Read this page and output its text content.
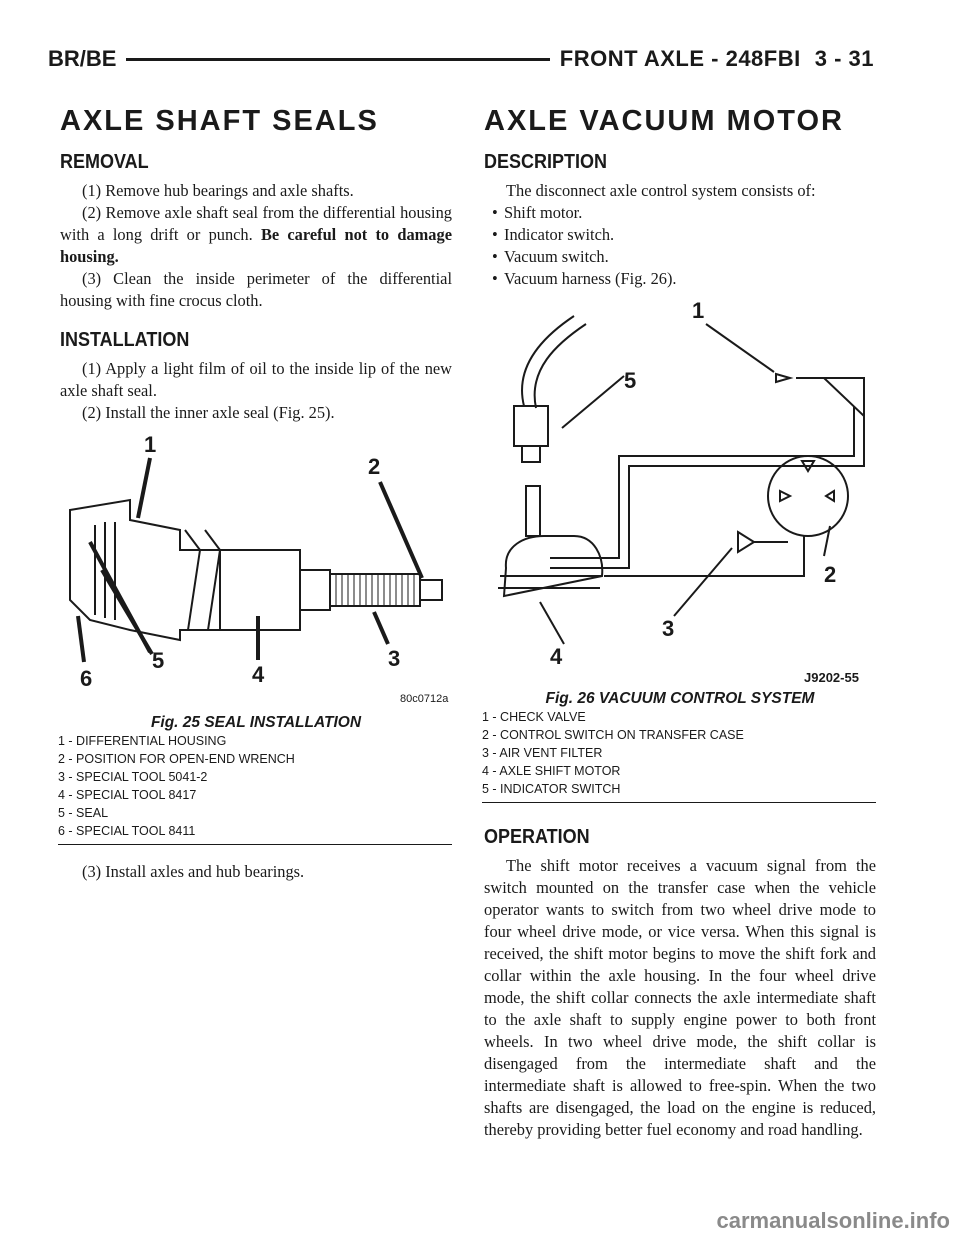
BR/BE	FRONT AXLE - 248FBI 3 - 31
AXLE SHAFT SEALS
REMOVAL

(1) Remove hub bearings and axle shafts.

(2) Remove axle shaft seal from the differential housing with a long drift or punch. Be careful not to damage housing.

(3) Clean the inside perimeter of the differential housing with fine crocus cloth.

INSTALLATION

(1) Apply a light film of oil to the inside lip of the new axle shaft seal.

(2) Install the inner axle seal (Fig. 25).

1
2
3
4
5
6
80c0712a
Fig. 25 SEAL INSTALLATION
1 - DIFFERENTIAL HOUSING
2 - POSITION FOR OPEN-END WRENCH
3 - SPECIAL TOOL 5041-2
4 - SPECIAL TOOL 8417
5 - SEAL
6 - SPECIAL TOOL 8411

(3) Install axles and hub bearings.

AXLE VACUUM MOTOR
DESCRIPTION

The disconnect axle control system consists of:

• Shift motor.
• Indicator switch.
• Vacuum switch.
• Vacuum harness (Fig. 26).
1
5
2
3
4
J9202-55
Fig. 26 VACUUM CONTROL SYSTEM
1 - CHECK VALVE
2 - CONTROL SWITCH ON TRANSFER CASE
3 - AIR VENT FILTER
4 - AXLE SHIFT MOTOR
5 - INDICATOR SWITCH
OPERATION

The shift motor receives a vacuum signal from the switch mounted on the transfer case when the vehicle operator wants to switch from two wheel drive mode to four wheel drive mode, or vice versa. When this signal is received, the shift motor begins to move the shift fork and collar within the axle housing. In the four wheel drive mode, the shift collar connects the axle intermediate shaft to the axle shaft to supply engine power to both front wheels. In two wheel drive mode, the shift collar is disengaged from the intermediate shaft and the intermediate shaft is allowed to free-spin. When the two shafts are disengaged, the load on the engine is reduced, thereby providing better fuel economy and road handling.

carmanualsonline.info
